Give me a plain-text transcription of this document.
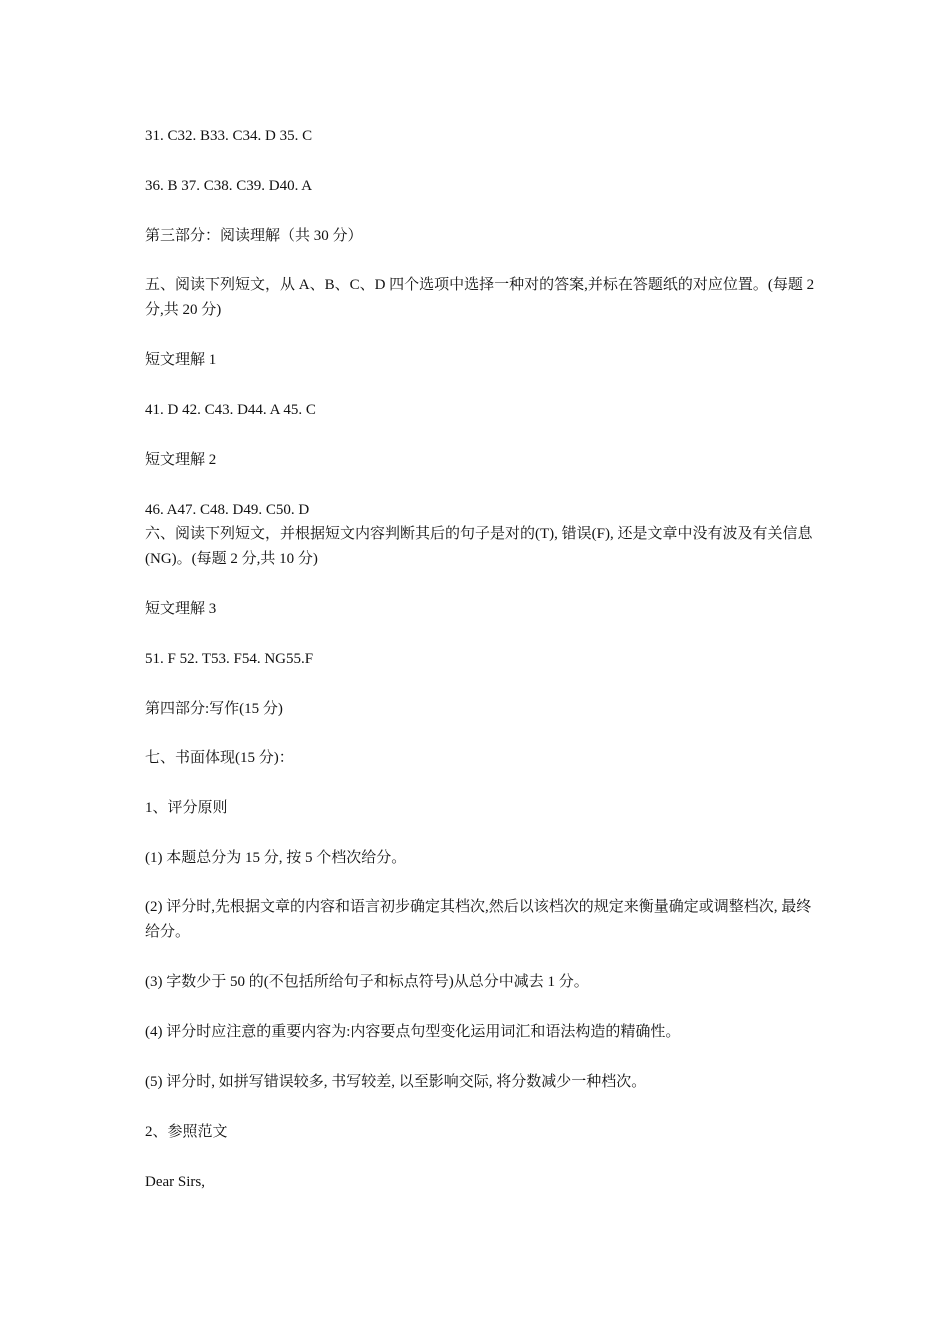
31. C32. B33. C34. D 35. C

36. B 37. C38. C39. D40. A

第三部分：阅读理解（共 30 分）

五、阅读下列短文，从 A、B、C、D 四个选项中选择一种对的答案,并标在答题纸的对应位置。(每题 2 分,共 20 分)

短文理解 1

41. D 42. C43. D44. A 45. C

短文理解 2

46. A47. C48. D49. C50. D

六、阅读下列短文，并根据短文内容判断其后的句子是对的(T), 错误(F), 还是文章中没有波及有关信息(NG)。(每题 2 分,共 10 分)

短文理解 3

51. F 52. T53. F54. NG55.F

第四部分:写作(15 分)

七、书面体现(15 分)：

1、评分原则

(1) 本题总分为 15 分, 按 5 个档次给分。

(2) 评分时,先根据文章的内容和语言初步确定其档次,然后以该档次的规定来衡量确定或调整档次, 最终给分。

(3) 字数少于 50 的(不包括所给句子和标点符号)从总分中减去 1 分。

(4) 评分时应注意的重要内容为:内容要点句型变化运用词汇和语法构造的精确性。

(5) 评分时, 如拼写错误较多, 书写较差, 以至影响交际, 将分数减少一种档次。

2、参照范文

Dear Sirs,
